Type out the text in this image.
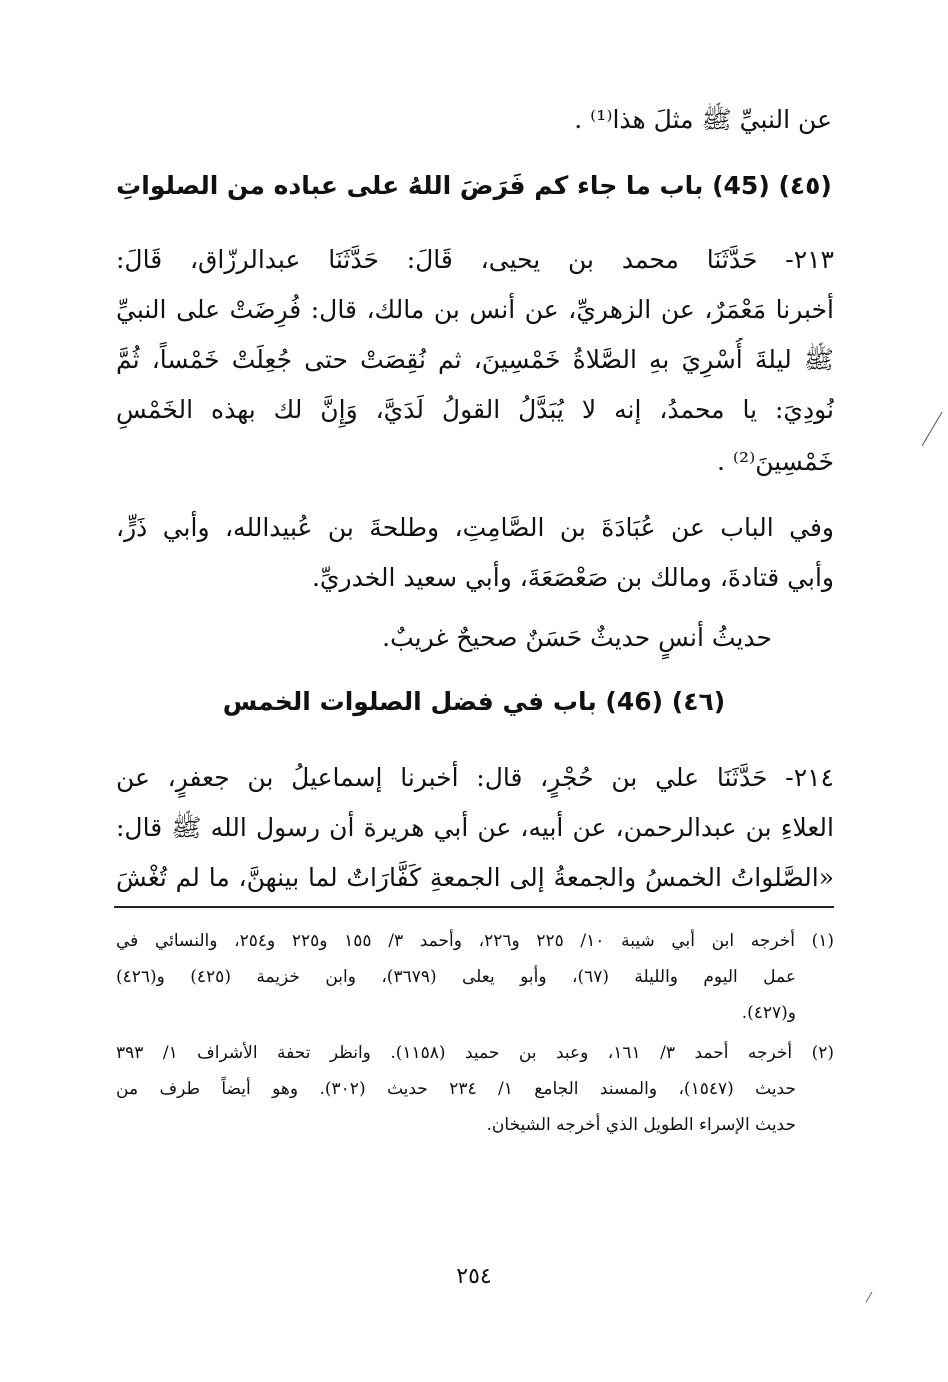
عن النبيِّ ﷺ مثلَ هذا⁽¹⁾ .
(٤٥) (45) باب ما جاء كم فَرَضَ اللهُ على عباده من الصلواتِ
٢١٣- حَدَّثَنَا محمد بن يحيى، قَالَ: حَدَّثَنَا عبدالرزّاق، قَالَ:
أخبرنا مَعْمَرٌ، عن الزهريِّ، عن أنس بن مالك، قال: فُرِضَتْ على النبيِّ
ﷺ ليلةَ أُسْرِيَ بهِ الصَّلاةُ خَمْسِينَ، ثم نُقِصَتْ حتى جُعِلَتْ خَمْساً، ثُمَّ
نُودِيَ: يا محمدُ، إنه لا يُبَدَّلُ القولُ لَدَيَّ، وَإِنَّ لك بهذه الخَمْسِ
خَمْسِينَ⁽²⁾ .
وفي الباب عن عُبَادَةَ بن الصَّامِتِ، وطلحةَ بن عُبيدالله، وأبي ذَرٍّ،
وأبي قتادةَ، ومالك بن صَعْصَعَةَ، وأبي سعيد الخدريِّ.
حديثُ أنسٍ حديثٌ حَسَنٌ صحيحٌ غريبٌ.
(٤٦) (46) باب في فضل الصلوات الخمس
٢١٤- حَدَّثَنَا علي بن حُجْرٍ، قال: أخبرنا إسماعيلُ بن جعفرٍ، عن
العلاءِ بن عبدالرحمن، عن أبيه، عن أبي هريرة أن رسول الله ﷺ قال:
«الصَّلواتُ الخمسُ والجمعةُ إلى الجمعةِ كَفَّارَاتٌ لما بينهنَّ، ما لم تُغْشَ
(١) أخرجه ابن أبي شيبة ١٠/ ٢٢٥ و٢٢٦، وأحمد ٣/ ١٥٥ و٢٢٥ و٢٥٤، والنسائي في
عمل اليوم والليلة (٦٧)، وأبو يعلى (٣٦٧٩)، وابن خزيمة (٤٢٥) و(٤٢٦)
و(٤٢٧).
(٢) أخرجه أحمد ٣/ ١٦١، وعبد بن حميد (١١٥٨). وانظر تحفة الأشراف ١/ ٣٩٣
حديث (١٥٤٧)، والمسند الجامع ١/ ٢٣٤ حديث (٣٠٢). وهو أيضاً طرف من
حديث الإسراء الطويل الذي أخرجه الشيخان.
٢٥٤
